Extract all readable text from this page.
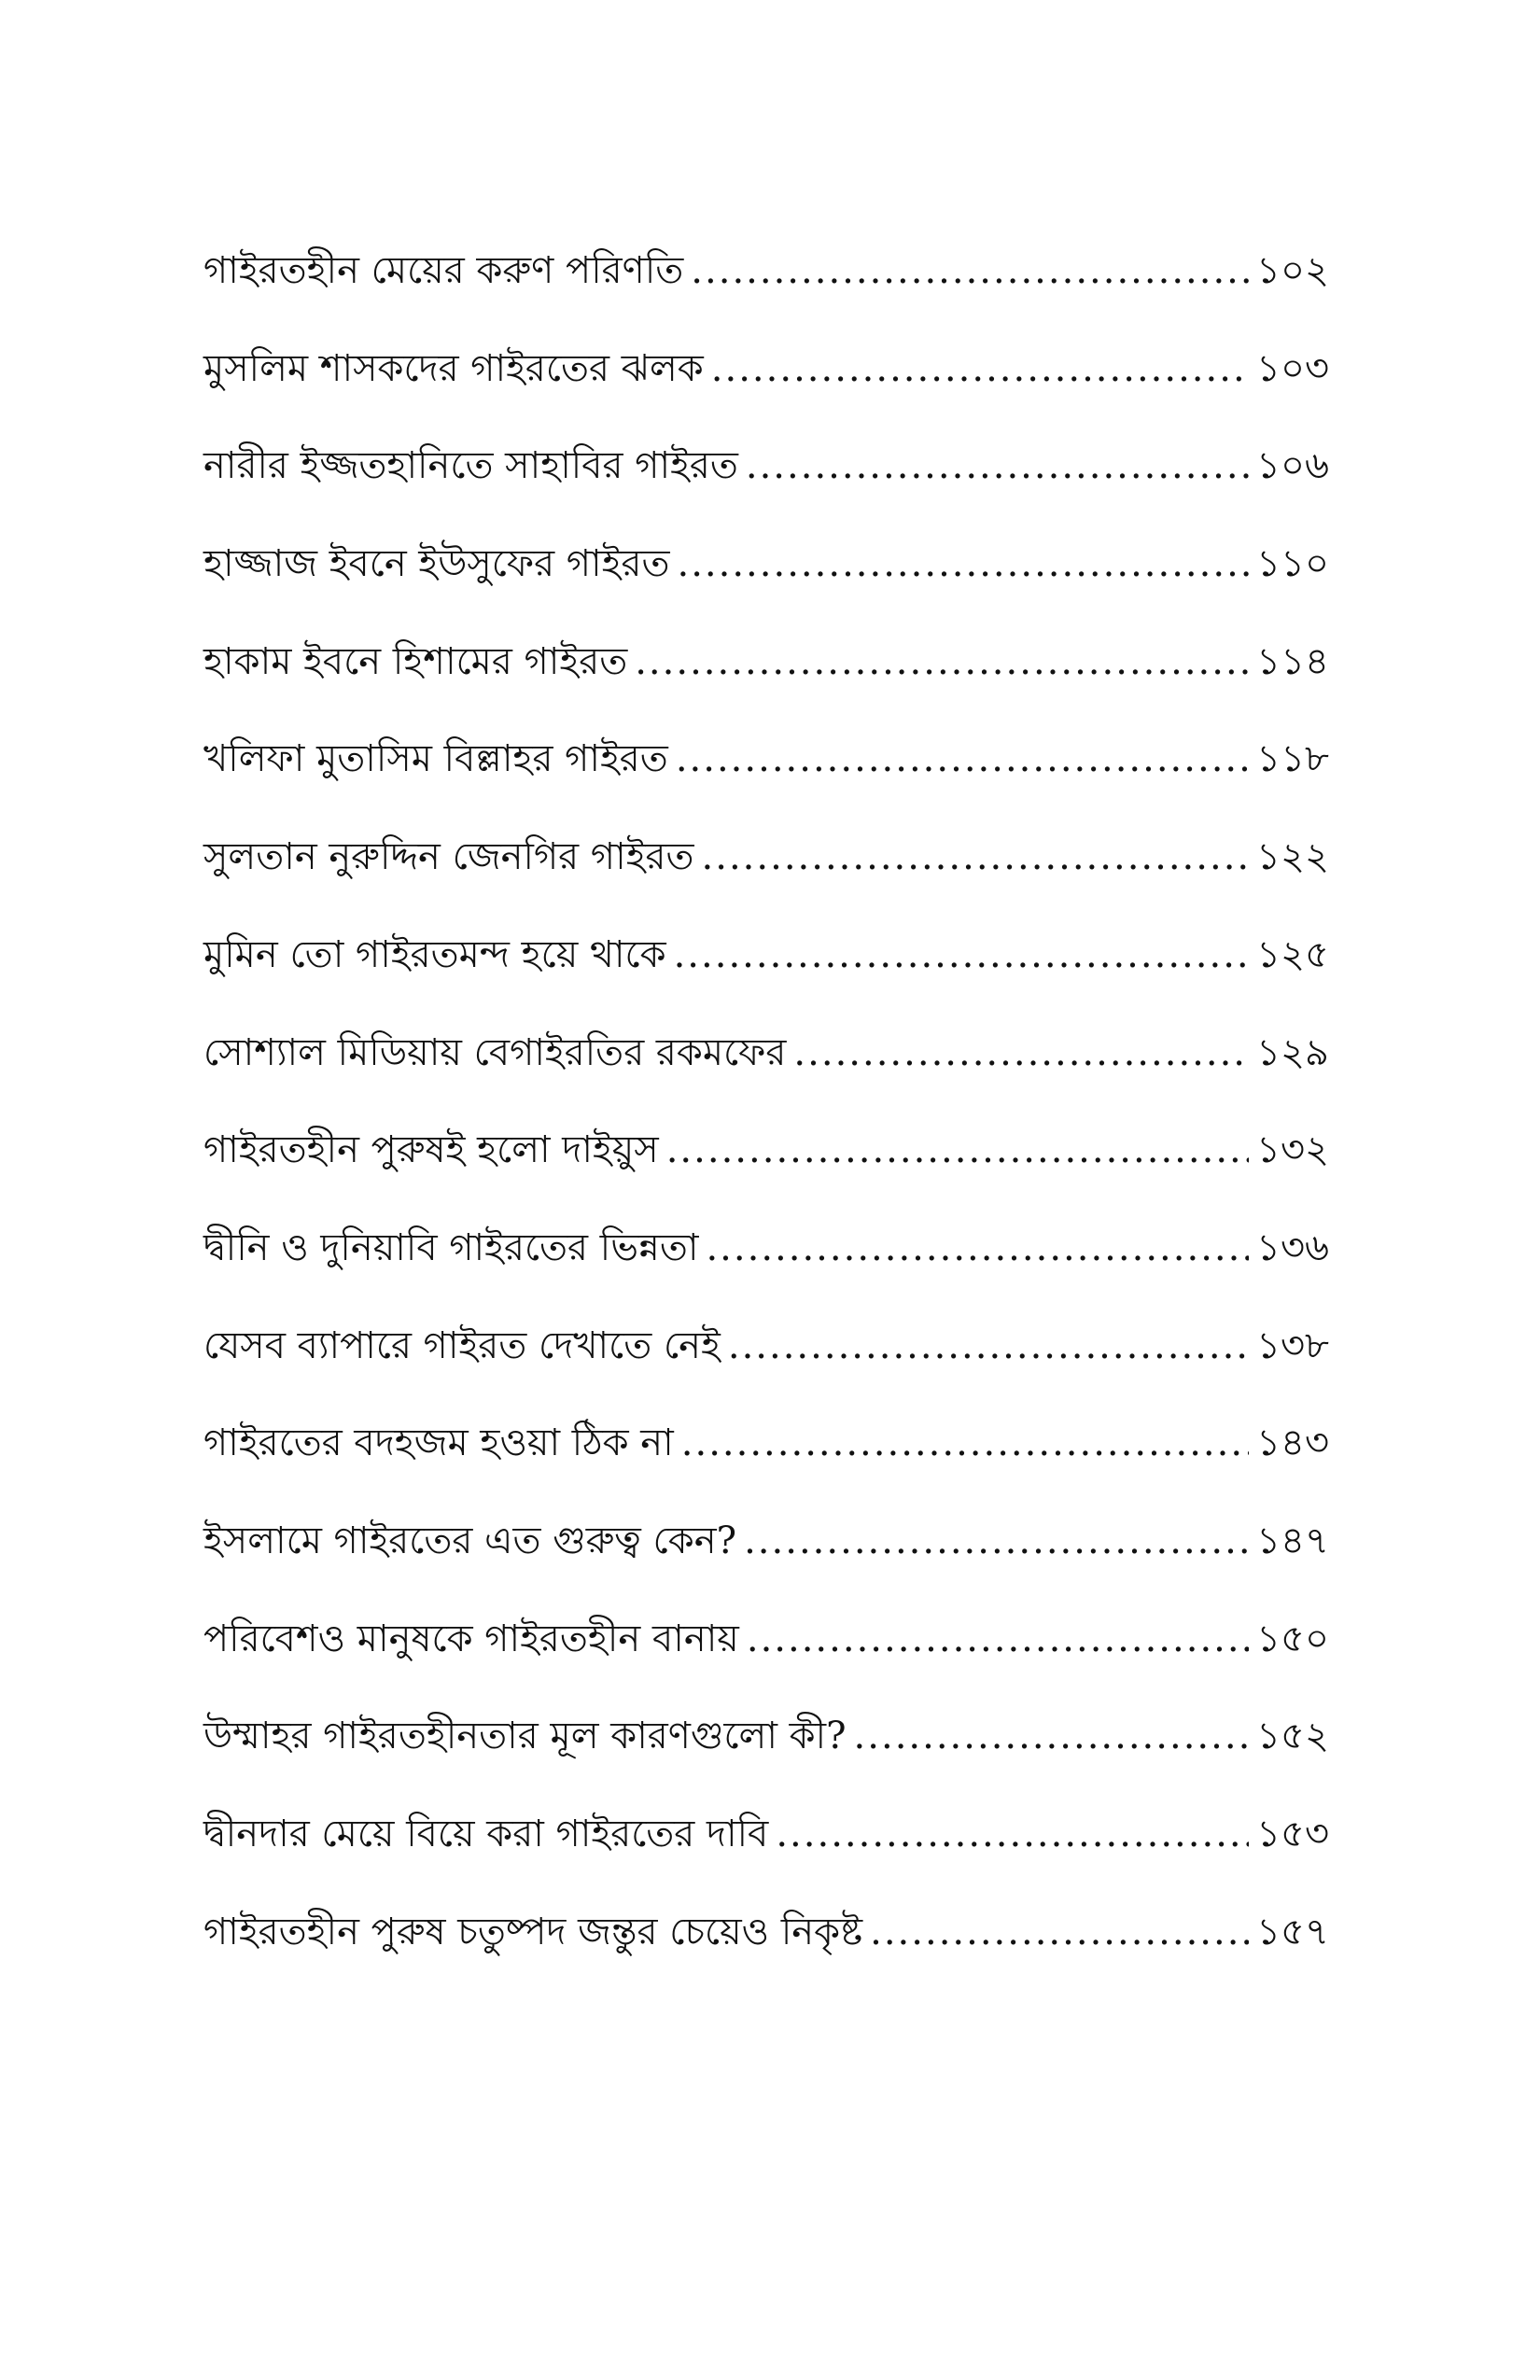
গাইরতহীন মেয়ের করুণ পরিণতি .....	১০২
মুসলিম শাসকদের গাইরতের ঝলক .....	১০৩
নারীর ইজ্জতহানিতে সাহাবির গাইরত .....	১০৬
হাজ্জাজ ইবনে ইউসুফের গাইরত .....	১১০
হাকাম ইবনে হিশামের গাইরত .....	১১৪
খলিফা মুতাসিম বিল্লাহর গাইরত .....	১১৮
সুলতান নুরুদ্দিন জেনগির গাইরত .....	১২২
মুমিন তো গাইরতমন্দ হয়ে থাকে .....	১২৫
সোশ্যাল মিডিয়ায় বেগাইরতির রকমফের .....	১২৯
গাইরতহীন পুরুষই হলো দাইয়ুস .....	১৩২
দ্বীনি ও দুনিয়াবি গাইরতের ভিন্নতা .....	১৩৬
যেসব ব্যাপারে গাইরত দেখাতে নেই .....	১৩৮
গাইরতের বদহজম হওয়া ঠিক না .....	১৪৩
ইসলামে গাইরতের এত গুরুত্ব কেন? .....	১৪৭
পরিবেশও মানুষকে গাইরতহীন বানায় .....	১৫০
উম্মাহর গাইরতহীনতার মূল কারণগুলো কী? .....	১৫২
দ্বীনদার মেয়ে বিয়ে করা গাইরতের দাবি .....	১৫৩
গাইরতহীন পুরুষ চতুষ্পদ জন্তুর চেয়েও নিকৃষ্ট .....	১৫৭
